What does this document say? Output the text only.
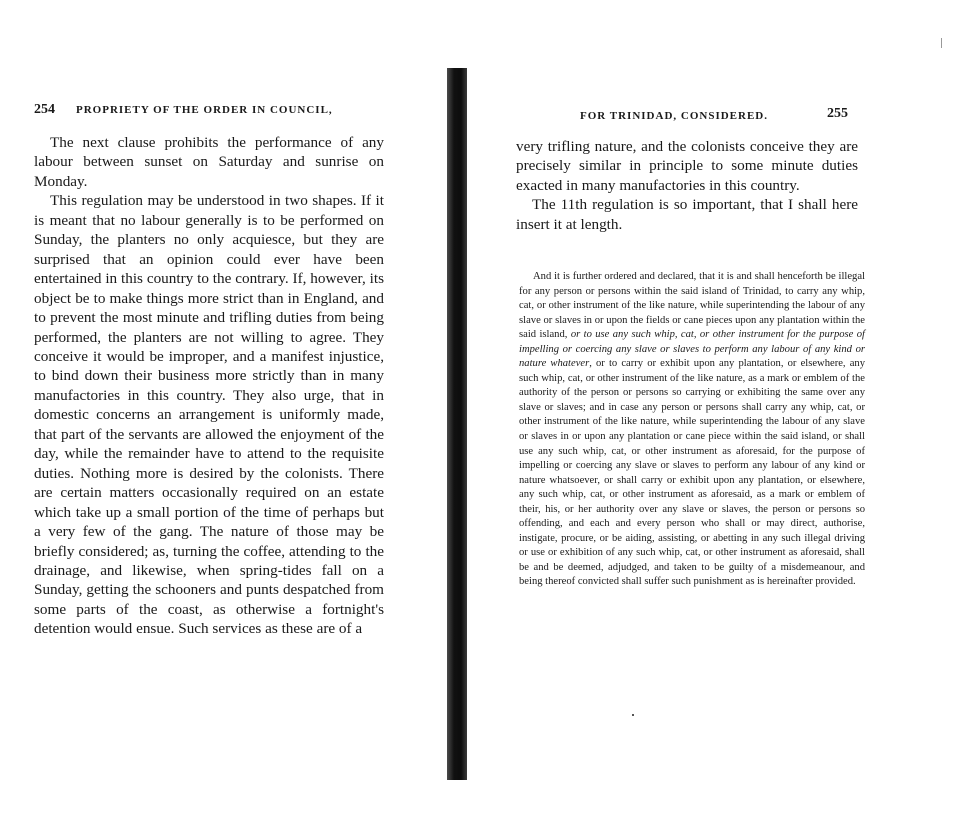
254 PROPRIETY OF THE ORDER IN COUNCIL,

The next clause prohibits the performance of any labour between sunset on Saturday and sunrise on Monday.

This regulation may be understood in two shapes. If it is meant that no labour generally is to be performed on Sunday, the planters no only acquiesce, but they are surprised that an opinion could ever have been entertained in this country to the contrary. If, however, its object be to make things more strict than in England, and to prevent the most minute and trifling duties from being performed, the planters are not willing to agree. They conceive it would be improper, and a manifest injustice, to bind down their business more strictly than in many manufactories in this country. They also urge, that in domestic concerns an arrangement is uniformly made, that part of the servants are allowed the enjoyment of the day, while the remainder have to attend to the requisite duties. Nothing more is desired by the colonists. There are certain matters occasionally required on an estate which take up a small portion of the time of perhaps but a very few of the gang. The nature of those may be briefly considered; as, turning the coffee, attending to the drainage, and likewise, when spring-tides fall on a Sunday, getting the schooners and punts despatched from some parts of the coast, as otherwise a fortnight's detention would ensue. Such services as these are of a

FOR TRINIDAD, CONSIDERED.	255

very trifling nature, and the colonists conceive they are precisely similar in principle to some minute duties exacted in many manufactories in this country.

The 11th regulation is so important, that I shall here insert it at length.

And it is further ordered and declared, that it is and shall henceforth be illegal for any person or persons within the said island of Trinidad, to carry any whip, cat, or other instrument of the like nature, while superintending the labour of any slave or slaves in or upon the fields or cane pieces upon any plantation within the said island, or to use any such whip, cat, or other instrument for the purpose of impelling or coercing any slave or slaves to perform any labour of any kind or nature whatever, or to carry or exhibit upon any plantation, or elsewhere, any such whip, cat, or other instrument of the like nature, as a mark or emblem of the authority of the person or persons so carrying or exhibiting the same over any slave or slaves; and in case any person or persons shall carry any whip, cat, or other instrument of the like nature, while superintending the labour of any slave or slaves in or upon any plantation or cane piece within the said island, or shall use any such whip, cat, or other instrument as aforesaid, for the purpose of impelling or coercing any slave or slaves to perform any labour of any kind or nature whatsoever, or shall carry or exhibit upon any plantation, or elsewhere, any such whip, cat, or other instrument as aforesaid, as a mark or emblem of their, his, or her authority over any slave or slaves, the person or persons so offending, and each and every person who shall or may direct, authorise, instigate, procure, or be aiding, assisting, or abetting in any such illegal driving or use or exhibition of any such whip, cat, or other instrument as aforesaid, shall be and be deemed, adjudged, and taken to be guilty of a misdemeanour, and being thereof convicted shall suffer such punishment as is hereinafter provided.
